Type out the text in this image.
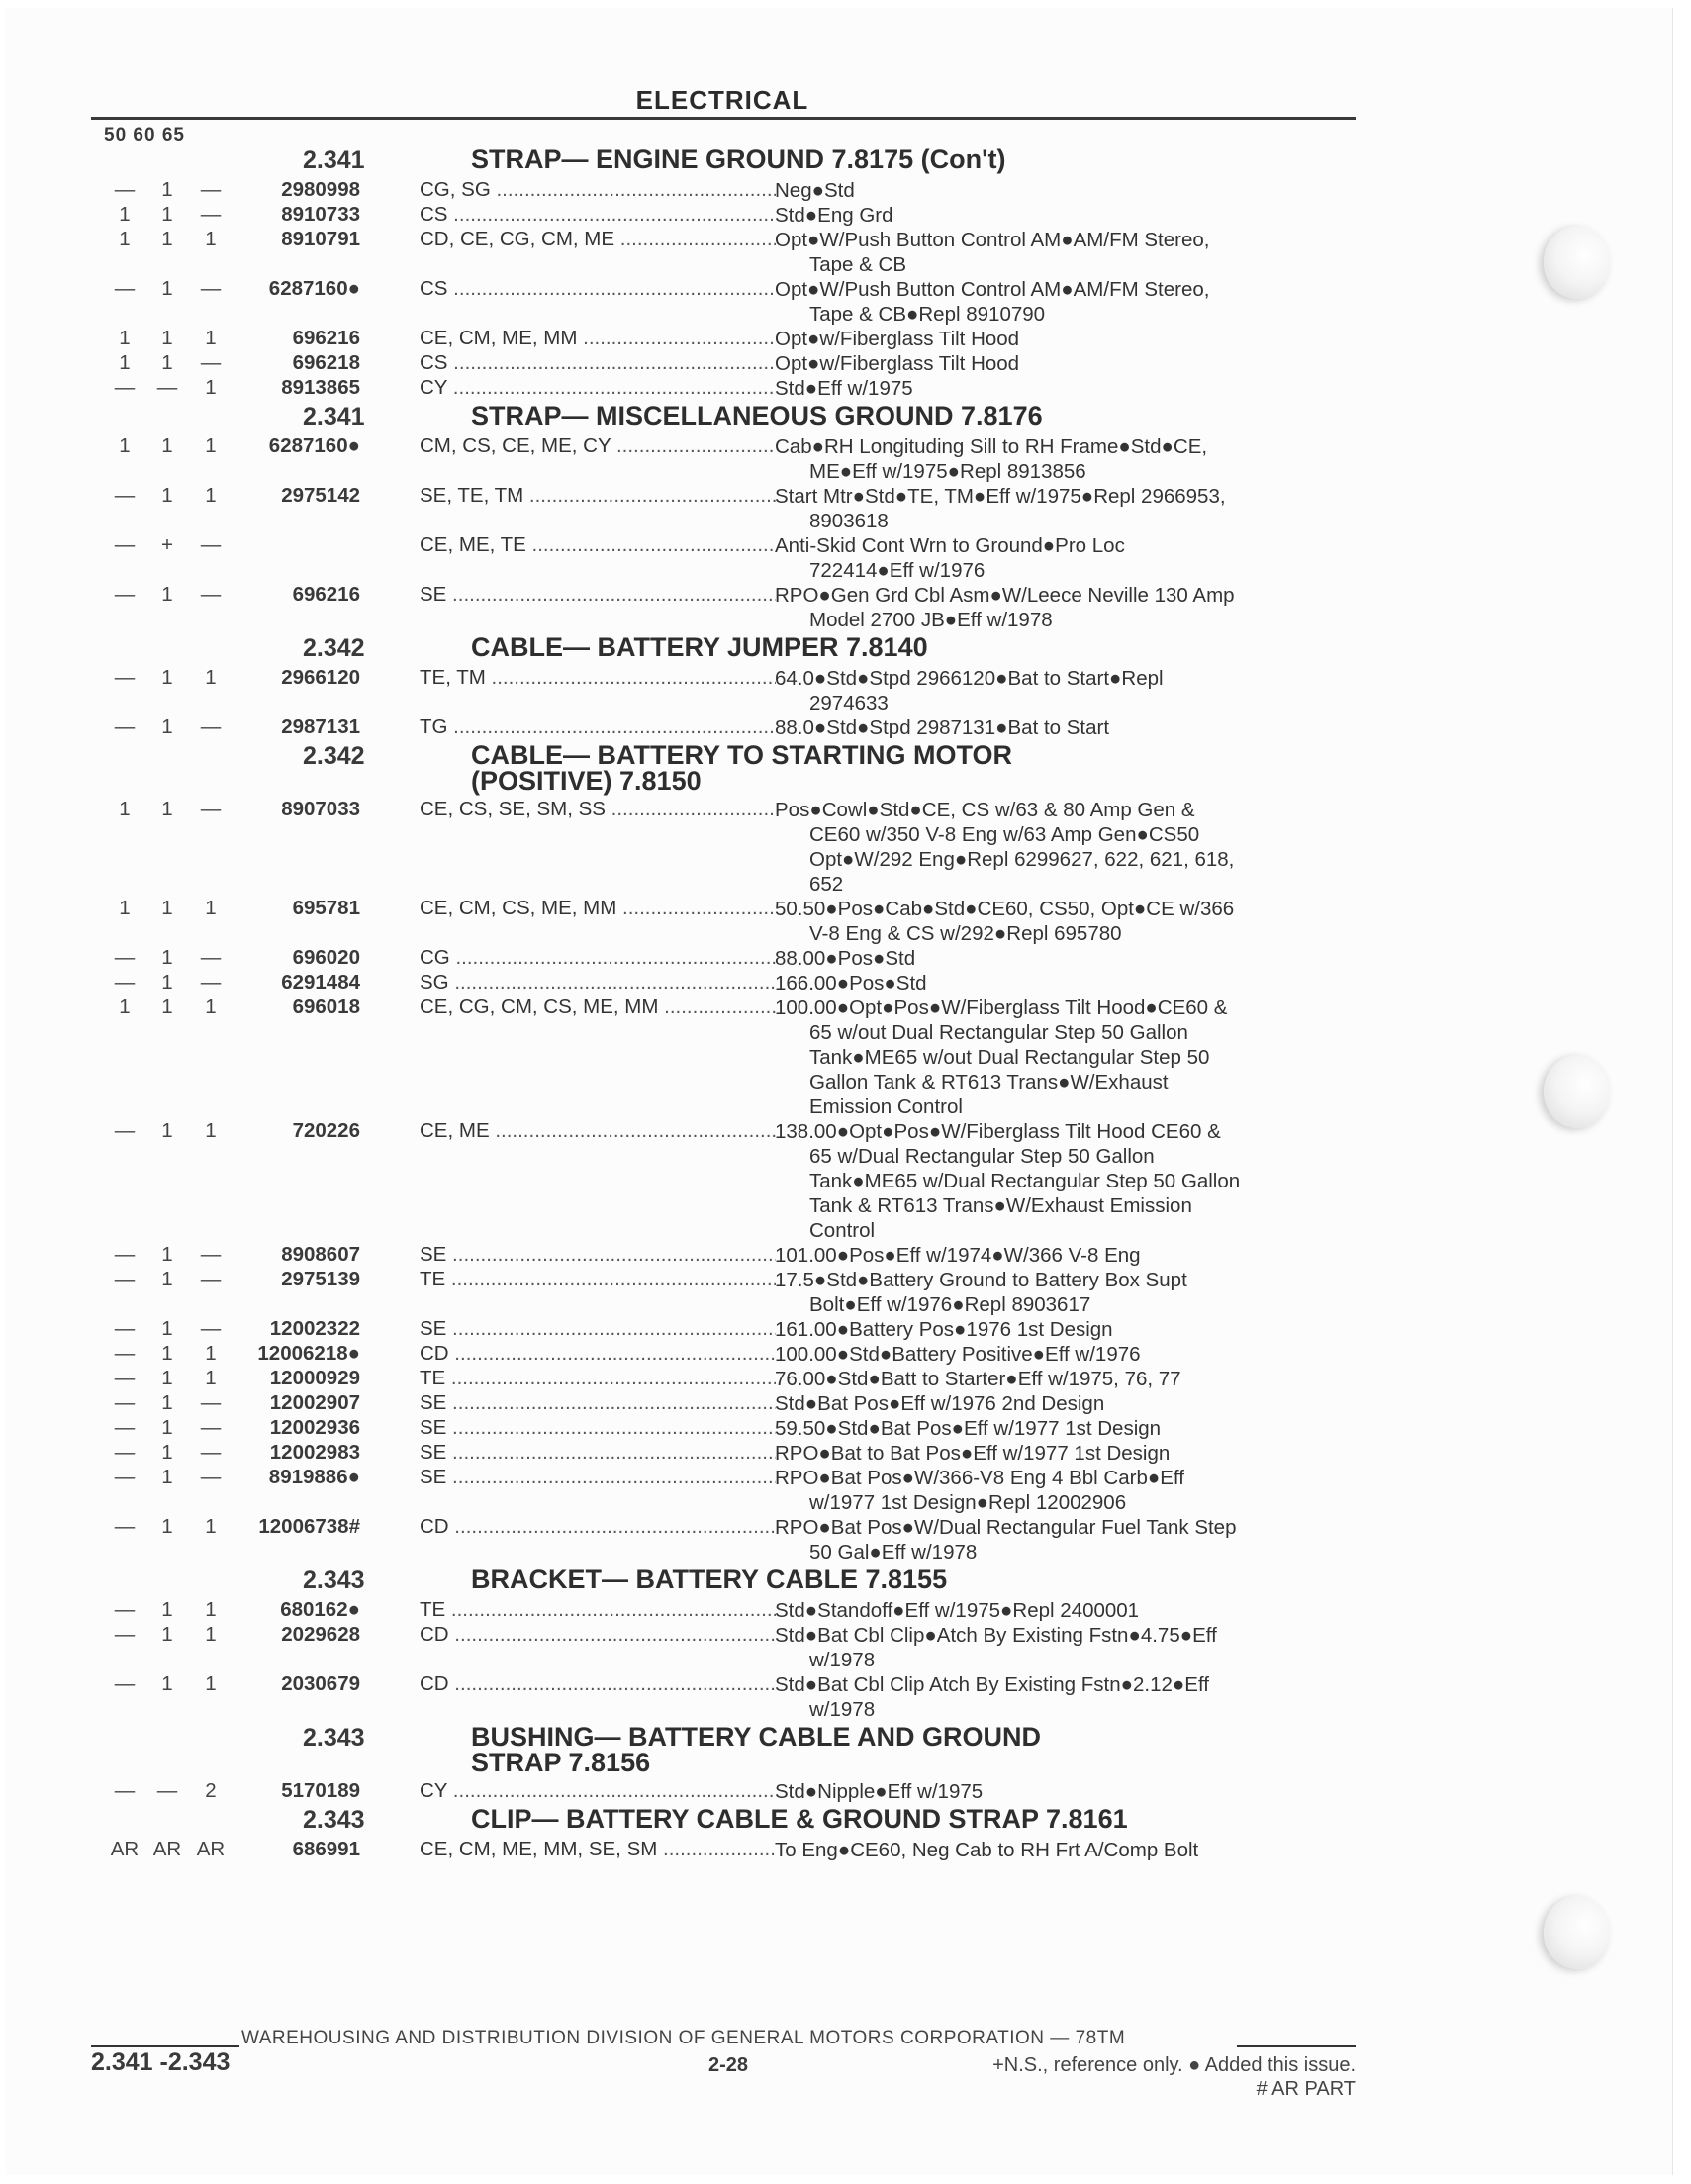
ELECTRICAL
50 60 65
2.341	STRAP— ENGINE GROUND 7.8175 (Con't)
—	1	—	2980998	CG, SG .....	Neg●Std
1	1	—	8910733	CS .....	Std●Eng Grd
1	1	1	8910791	CD, CE, CG, CM, ME .....	Opt●W/Push Button Control AM●AM/FM Stereo,

Tape & CB
—	1	—	6287160●	CS .....	Opt●W/Push Button Control AM●AM/FM Stereo,

Tape & CB●Repl 8910790
1	1	1	696216	CE, CM, ME, MM .....	Opt●w/Fiberglass Tilt Hood
1	1	—	696218	CS .....	Opt●w/Fiberglass Tilt Hood
—	—	1	8913865	CY .....	Std●Eff w/1975
2.341	STRAP— MISCELLANEOUS GROUND 7.8176
1	1	1	6287160●	CM, CS, CE, ME, CY .....	Cab●RH Longituding Sill to RH Frame●Std●CE,

ME●Eff w/1975●Repl 8913856
—	1	1	2975142	SE, TE, TM .....	Start Mtr●Std●TE, TM●Eff w/1975●Repl 2966953,

8903618
—	+	—	CE, ME, TE .....	Anti-Skid Cont Wrn to Ground●Pro Loc

722414●Eff w/1976
—	1	—	696216	SE .....	RPO●Gen Grd Cbl Asm●W/Leece Neville 130 Amp

Model 2700 JB●Eff w/1978
2.342	CABLE— BATTERY JUMPER 7.8140
—	1	1	2966120	TE, TM .....	64.0●Std●Stpd 2966120●Bat to Start●Repl

2974633
—	1	—	2987131	TG .....	88.0●Std●Stpd 2987131●Bat to Start
2.342	CABLE— BATTERY TO STARTING MOTOR
(POSITIVE) 7.8150
1	1	—	8907033	CE, CS, SE, SM, SS .....	Pos●Cowl●Std●CE, CS w/63 & 80 Amp Gen &

CE60 w/350 V-8 Eng w/63 Amp Gen●CS50
Opt●W/292 Eng●Repl 6299627, 622, 621, 618,
652
1	1	1	695781	CE, CM, CS, ME, MM .....	50.50●Pos●Cab●Std●CE60, CS50, Opt●CE w/366

V-8 Eng & CS w/292●Repl 695780
—	1	—	696020	CG .....	88.00●Pos●Std
—	1	—	6291484	SG .....	166.00●Pos●Std
1	1	1	696018	CE, CG, CM, CS, ME, MM .....	100.00●Opt●Pos●W/Fiberglass Tilt Hood●CE60 &

65 w/out Dual Rectangular Step 50 Gallon
Tank●ME65 w/out Dual Rectangular Step 50
Gallon Tank & RT613 Trans●W/Exhaust
Emission Control
—	1	1	720226	CE, ME .....	138.00●Opt●Pos●W/Fiberglass Tilt Hood CE60 &

65 w/Dual Rectangular Step 50 Gallon
Tank●ME65 w/Dual Rectangular Step 50 Gallon
Tank & RT613 Trans●W/Exhaust Emission
Control
—	1	—	8908607	SE .....	101.00●Pos●Eff w/1974●W/366 V-8 Eng
—	1	—	2975139	TE .....	17.5●Std●Battery Ground to Battery Box Supt

Bolt●Eff w/1976●Repl 8903617
—	1	—	12002322	SE .....	161.00●Battery Pos●1976 1st Design
—	1	1	12006218●	CD .....	100.00●Std●Battery Positive●Eff w/1976
—	1	1	12000929	TE .....	76.00●Std●Batt to Starter●Eff w/1975, 76, 77
—	1	—	12002907	SE .....	Std●Bat Pos●Eff w/1976 2nd Design
—	1	—	12002936	SE .....	59.50●Std●Bat Pos●Eff w/1977 1st Design
—	1	—	12002983	SE .....	RPO●Bat to Bat Pos●Eff w/1977 1st Design
—	1	—	8919886●	SE .....	RPO●Bat Pos●W/366-V8 Eng 4 Bbl Carb●Eff

w/1977 1st Design●Repl 12002906
—	1	1	12006738#	CD .....	RPO●Bat Pos●W/Dual Rectangular Fuel Tank Step

50 Gal●Eff w/1978
2.343	BRACKET— BATTERY CABLE 7.8155
—	1	1	680162●	TE .....	Std●Standoff●Eff w/1975●Repl 2400001
—	1	1	2029628	CD .....	Std●Bat Cbl Clip●Atch By Existing Fstn●4.75●Eff

w/1978
—	1	1	2030679	CD .....	Std●Bat Cbl Clip Atch By Existing Fstn●2.12●Eff

w/1978
2.343	BUSHING— BATTERY CABLE AND GROUND
STRAP 7.8156
—	—	2	5170189	CY .....	Std●Nipple●Eff w/1975
2.343	CLIP— BATTERY CABLE & GROUND STRAP 7.8161
AR AR AR	686991	CE, CM, ME, MM, SE, SM .....	To Eng●CE60, Neg Cab to RH Frt A/Comp Bolt
WAREHOUSING AND DISTRIBUTION DIVISION OF GENERAL MOTORS CORPORATION — 78TM
2.341 -2.343	2-28	+N.S., reference only. ● Added this issue.
# AR PART
